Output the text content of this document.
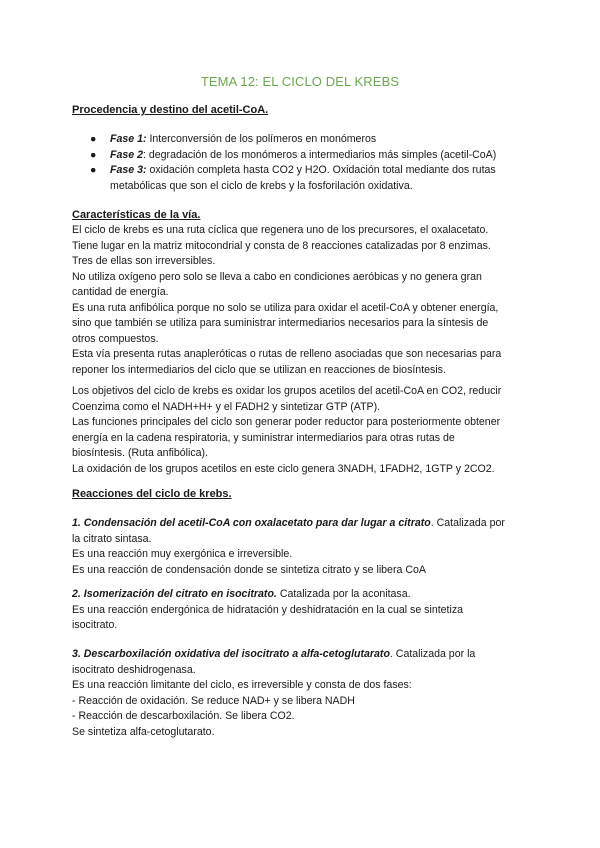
TEMA 12: EL CICLO DEL KREBS
Procedencia y destino del acetil-CoA.
● Fase 1: Interconversión de los polímeros en monómeros

● Fase 2: degradación de los monómeros a intermediarios más simples (acetil-CoA)

● Fase 3: oxidación completa hasta CO2 y H2O. Oxidación total mediante dos rutas

metabólicas que son el ciclo de krebs y la fosforilación oxidativa.

Características de la vía.

El ciclo de krebs es una ruta cíclica que regenera uno de los precursores, el oxalacetato.

Tiene lugar en la matriz mitocondrial y consta de 8 reacciones catalizadas por 8 enzimas.

Tres de ellas son irreversibles.

No utiliza oxígeno pero solo se lleva a cabo en condiciones aeróbicas y no genera gran

cantidad de energía.

Es una ruta anfibólica porque no solo se utiliza para oxidar el acetil-CoA y obtener energía,

sino que también se utiliza para suministrar intermediarios necesarios para la síntesis de

otros compuestos.

Esta vía presenta rutas anapleróticas o rutas de relleno asociadas que son necesarias para

reponer los intermediarios del ciclo que se utilizan en reacciones de biosíntesis.

Los objetivos del ciclo de krebs es oxidar los grupos acetilos del acetil-CoA en CO2, reducir

Coenzima como el NADH+H+ y el FADH2 y sintetizar GTP (ATP).

Las funciones principales del ciclo son generar poder reductor para posteriormente obtener

energía en la cadena respiratoria, y suministrar intermediarios para otras rutas de

biosíntesis. (Ruta anfibólica).

La oxidación de los grupos acetilos en este ciclo genera 3NADH, 1FADH2, 1GTP y 2CO2.

Reacciones del ciclo de krebs.

1. Condensación del acetil-CoA con oxalacetato para dar lugar a citrato. Catalizada por

la citrato sintasa.

Es una reacción muy exergónica e irreversible.

Es una reacción de condensación donde se sintetiza citrato y se libera CoA

2. Isomerización del citrato en isocitrato. Catalizada por la aconitasa.

Es una reacción endergónica de hidratación y deshidratación en la cual se sintetiza

isocitrato.

3. Descarboxilación oxidativa del isocitrato a alfa-cetoglutarato. Catalizada por la

isocitrato deshidrogenasa.

Es una reacción limitante del ciclo, es irreversible y consta de dos fases:

- Reacción de oxidación. Se reduce NAD+ y se libera NADH

- Reacción de descarboxilación. Se libera CO2.

Se sintetiza alfa-cetoglutarato.
